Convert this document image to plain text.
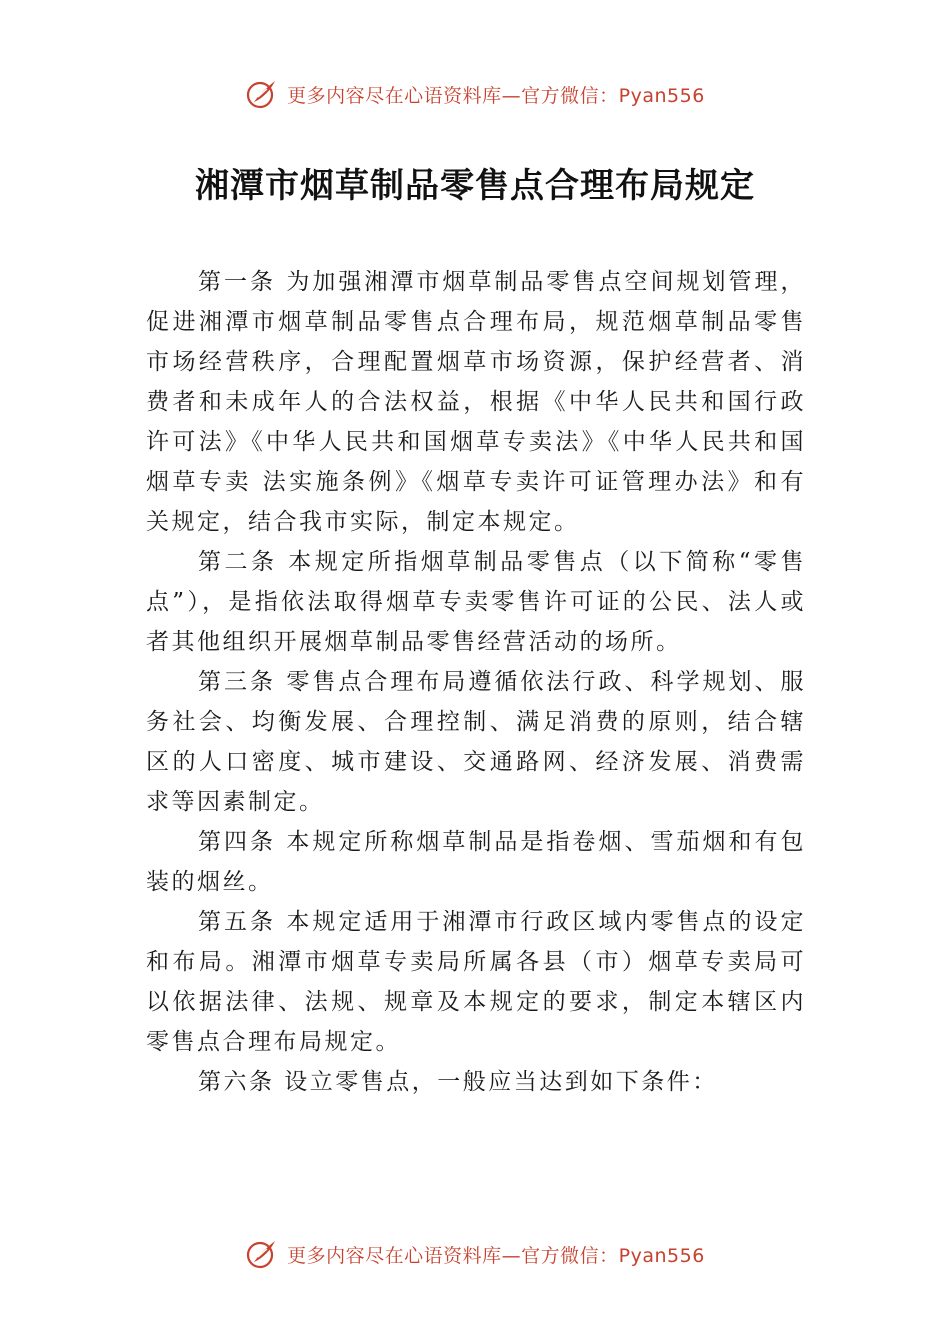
更多内容尽在心语资料库—官方微信：Pyan556
湘潭市烟草制品零售点合理布局规定

第一条 为加强湘潭市烟草制品零售点空间规划管理，促进湘潭市烟草制品零售点合理布局，规范烟草制品零售市场经营秩序，合理配置烟草市场资源，保护经营者、消费者和未成年人的合法权益，根据《中华人民共和国行政许可法》《中华人民共和国烟草专卖法》《中华人民共和国烟草专卖 法实施条例》《烟草专卖许可证管理办法》和有关规定，结合我市实际，制定本规定。

第二条 本规定所指烟草制品零售点（以下简称“零售点”），是指依法取得烟草专卖零售许可证的公民、法人或者其他组织开展烟草制品零售经营活动的场所。

第三条 零售点合理布局遵循依法行政、科学规划、服务社会、均衡发展、合理控制、满足消费的原则，结合辖区的人口密度、城市建设、交通路网、经济发展、消费需求等因素制定。

第四条 本规定所称烟草制品是指卷烟、雪茄烟和有包装的烟丝。

第五条 本规定适用于湘潭市行政区域内零售点的设定和布局。湘潭市烟草专卖局所属各县（市）烟草专卖局可以依据法律、法规、规章及本规定的要求，制定本辖区内零售点合理布局规定。

第六条 设立零售点，一般应当达到如下条件：

更多内容尽在心语资料库—官方微信：Pyan556
